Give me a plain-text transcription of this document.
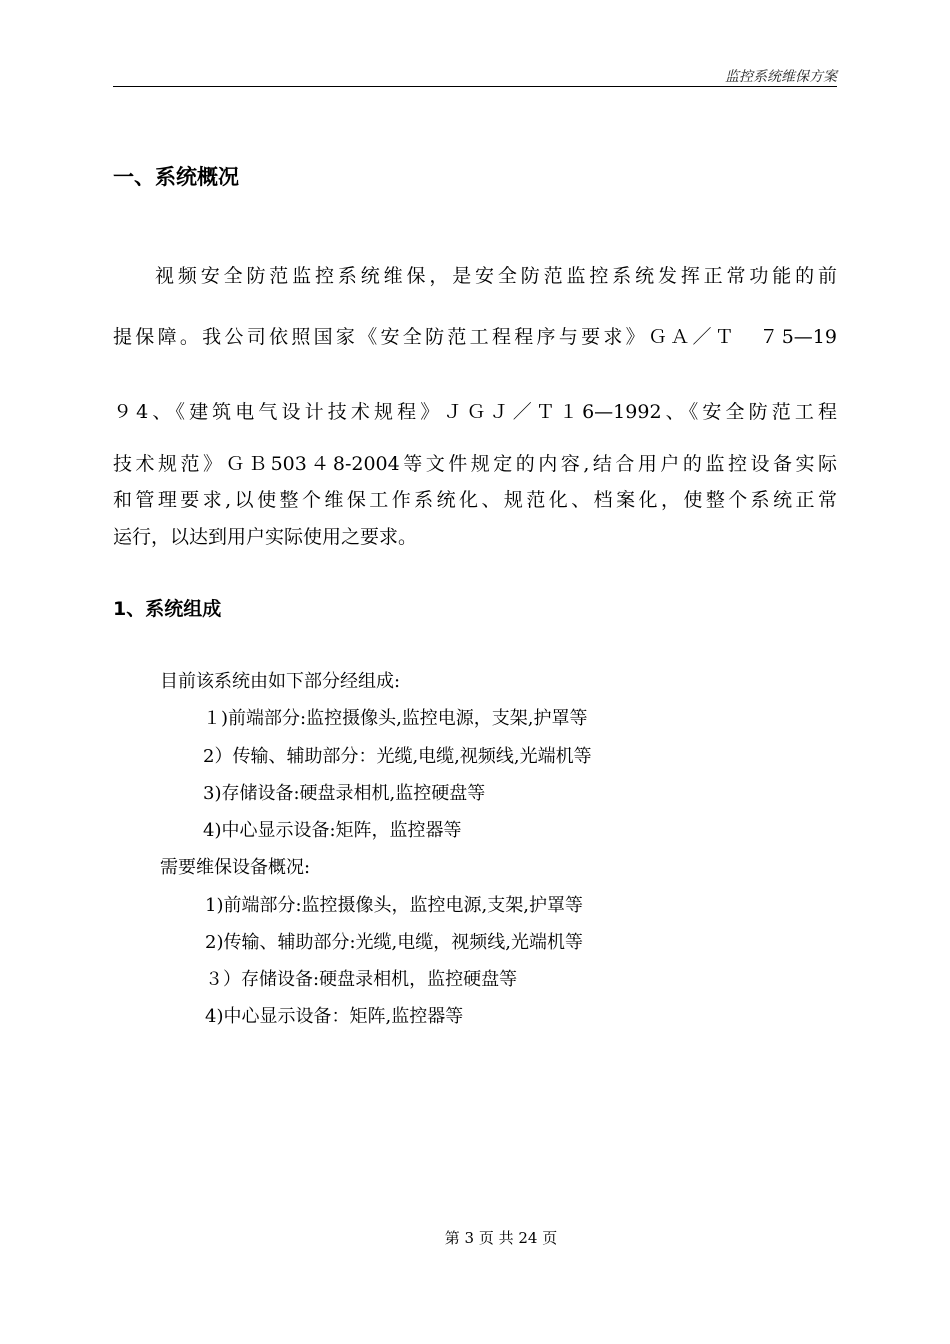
监控系统维保方案
一、系统概况
视频安全防范监控系统维保，是安全防范监控系统发挥正常功能的前
提保障。我公司依照国家《安全防范工程程序与要求》ＧＡ／Ｔ　７5—19
９4、《建筑电气设计技术规程》ＪＧＪ／Ｔ１6—1992、《安全防范工程
技术规范》ＧＢ503４8-2004等文件规定的内容,结合用户的监控设备实际
和管理要求,以使整个维保工作系统化、规范化、档案化，使整个系统正常
运行，以达到用户实际使用之要求。
1、系统组成
目前该系统由如下部分经组成:
１)前端部分:监控摄像头,监控电源，支架,护罩等
2）传输、辅助部分：光缆,电缆,视频线,光端机等
3)存储设备:硬盘录相机,监控硬盘等
4)中心显示设备:矩阵，监控器等
需要维保设备概况:
1)前端部分:监控摄像头，监控电源,支架,护罩等
2)传输、辅助部分:光缆,电缆，视频线,光端机等
３）存储设备:硬盘录相机，监控硬盘等
4)中心显示设备：矩阵,监控器等
第 3 页 共 24 页
